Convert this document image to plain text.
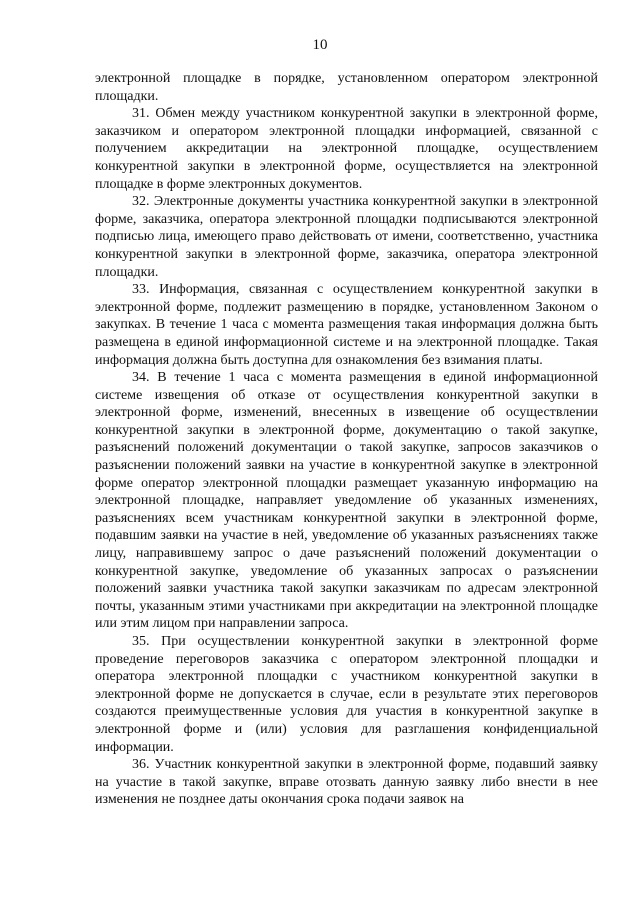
10

электронной площадке в порядке, установленном оператором электронной площадки.

31. Обмен между участником конкурентной закупки в электронной форме, заказчиком и оператором электронной площадки информацией, связанной с получением аккредитации на электронной площадке, осуществлением конкурентной закупки в электронной форме, осуществляется на электронной площадке в форме электронных документов.

32. Электронные документы участника конкурентной закупки в электронной форме, заказчика, оператора электронной площадки подписываются электронной подписью лица, имеющего право действовать от имени, соответственно, участника конкурентной закупки в электронной форме, заказчика, оператора электронной площадки.

33. Информация, связанная с осуществлением конкурентной закупки в электронной форме, подлежит размещению в порядке, установленном Законом о закупках. В течение 1 часа с момента размещения такая информация должна быть размещена в единой информационной системе и на электронной площадке. Такая информация должна быть доступна для ознакомления без взимания платы.

34. В течение 1 часа с момента размещения в единой информационной системе извещения об отказе от осуществления конкурентной закупки в электронной форме, изменений, внесенных в извещение об осуществлении конкурентной закупки в электронной форме, документацию о такой закупке, разъяснений положений документации о такой закупке, запросов заказчиков о разъяснении положений заявки на участие в конкурентной закупке в электронной форме оператор электронной площадки размещает указанную информацию на электронной площадке, направляет уведомление об указанных изменениях, разъяснениях всем участникам конкурентной закупки в электронной форме, подавшим заявки на участие в ней, уведомление об указанных разъяснениях также лицу, направившему запрос о даче разъяснений положений документации о конкурентной закупке, уведомление об указанных запросах о разъяснении положений заявки участника такой закупки заказчикам по адресам электронной почты, указанным этими участниками при аккредитации на электронной площадке или этим лицом при направлении запроса.

35. При осуществлении конкурентной закупки в электронной форме проведение переговоров заказчика с оператором электронной площадки и оператора электронной площадки с участником конкурентной закупки в электронной форме не допускается в случае, если в результате этих переговоров создаются преимущественные условия для участия в конкурентной закупке в электронной форме и (или) условия для разглашения конфиденциальной информации.

36. Участник конкурентной закупки в электронной форме, подавший заявку на участие в такой закупке, вправе отозвать данную заявку либо внести в нее изменения не позднее даты окончания срока подачи заявок на
